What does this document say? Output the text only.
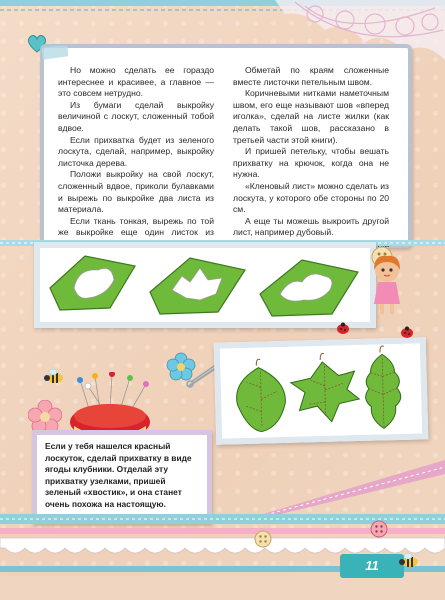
Но можно сделать ее гораздо интереснее и красивее, а главное — это совсем нетрудно.

Из бумаги сделай выкройку величиной с лоскут, сложенный тобой вдвое.

Если прихватка будет из зеленого лоскута, сделай, например, выкройку листочка дерева.

Положи выкройку на свой лоскут, сложенный вдвое, приколи булавками и вырежь по выкройке два листа из материала.

Если ткань тонкая, вырежь по той же выкройке еще один листок из

Обметай по краям сложенные вместе листочки петельным швом.

Коричневыми нитками наметочным швом, его еще называют шов «вперед иголка», сделай на листе жилки (как делать такой шов, рассказано в третьей части этой книги).

И пришей петельку, чтобы вешать прихватку на крючок, когда она не нужна.

«Кленовый лист» можно сделать из лоскута, у которого обе стороны по 20 см.

А еще ты можешь выкроить другой лист, например дубовый.

Если у тебя нашелся красный лоскуток, сделай прихватку в виде ягоды клубники. Отделай эту прихватку узелками, пришей зеленый «хвостик», и она станет очень похожа на настоящую.
11
